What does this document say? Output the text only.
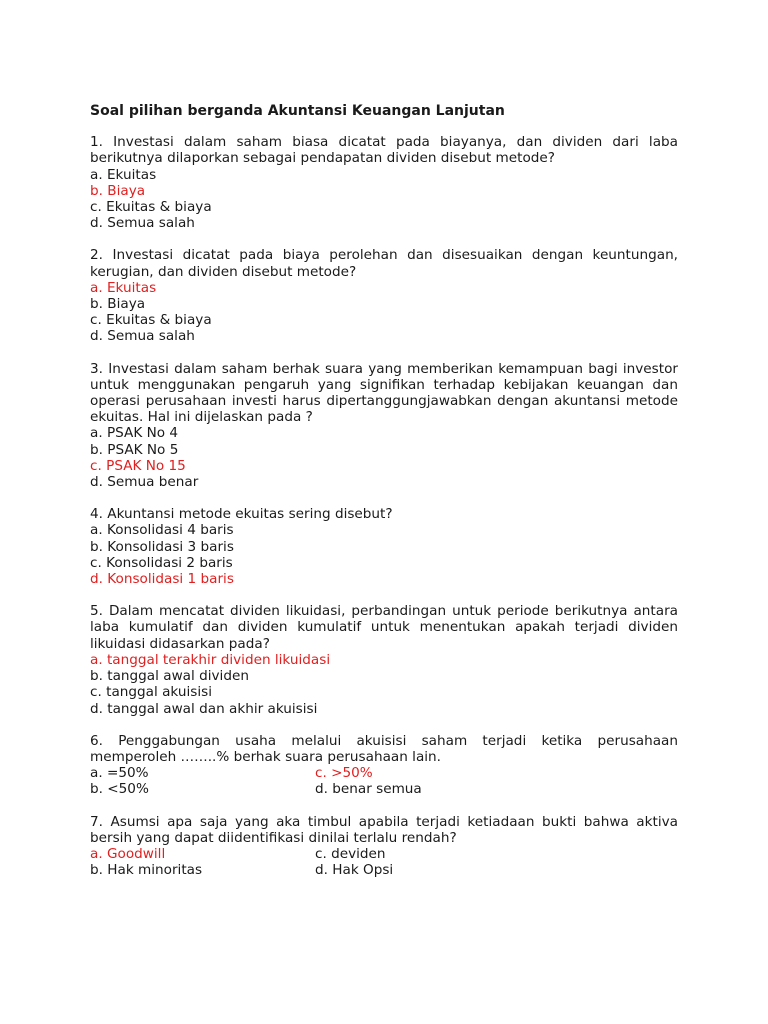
Soal pilihan berganda Akuntansi Keuangan Lanjutan
1. Investasi dalam saham biasa dicatat pada biayanya, dan dividen dari laba berikutnya dilaporkan sebagai pendapatan dividen disebut metode?
a. Ekuitas
b. Biaya
c. Ekuitas & biaya
d. Semua salah
2. Investasi dicatat pada biaya perolehan dan disesuaikan dengan keuntungan, kerugian, dan dividen disebut metode?
a. Ekuitas
b. Biaya
c. Ekuitas & biaya
d. Semua salah
3. Investasi dalam saham berhak suara yang memberikan kemampuan bagi investor untuk menggunakan pengaruh yang signifikan terhadap kebijakan keuangan dan operasi perusahaan investi harus dipertanggungjawabkan dengan akuntansi metode ekuitas. Hal ini dijelaskan pada ?
a. PSAK No 4
b. PSAK No 5
c. PSAK No 15
d. Semua benar
4. Akuntansi metode ekuitas sering disebut?
a. Konsolidasi 4 baris
b. Konsolidasi 3 baris
c. Konsolidasi 2 baris
d. Konsolidasi 1 baris
5. Dalam mencatat dividen likuidasi, perbandingan untuk periode berikutnya antara laba kumulatif dan dividen kumulatif untuk menentukan apakah terjadi dividen likuidasi didasarkan pada?
a. tanggal terakhir dividen likuidasi
b. tanggal awal dividen
c. tanggal akuisisi
d. tanggal awal dan akhir akuisisi
6. Penggabungan usaha melalui akuisisi saham terjadi ketika perusahaan memperoleh ……..% berhak suara perusahaan lain.
a. =50%	c. >50%
b. <50%	d. benar semua
7. Asumsi apa saja yang aka timbul apabila terjadi ketiadaan bukti bahwa aktiva bersih yang dapat diidentifikasi dinilai terlalu rendah?
a. Goodwill	c. deviden
b. Hak minoritas	d. Hak Opsi
